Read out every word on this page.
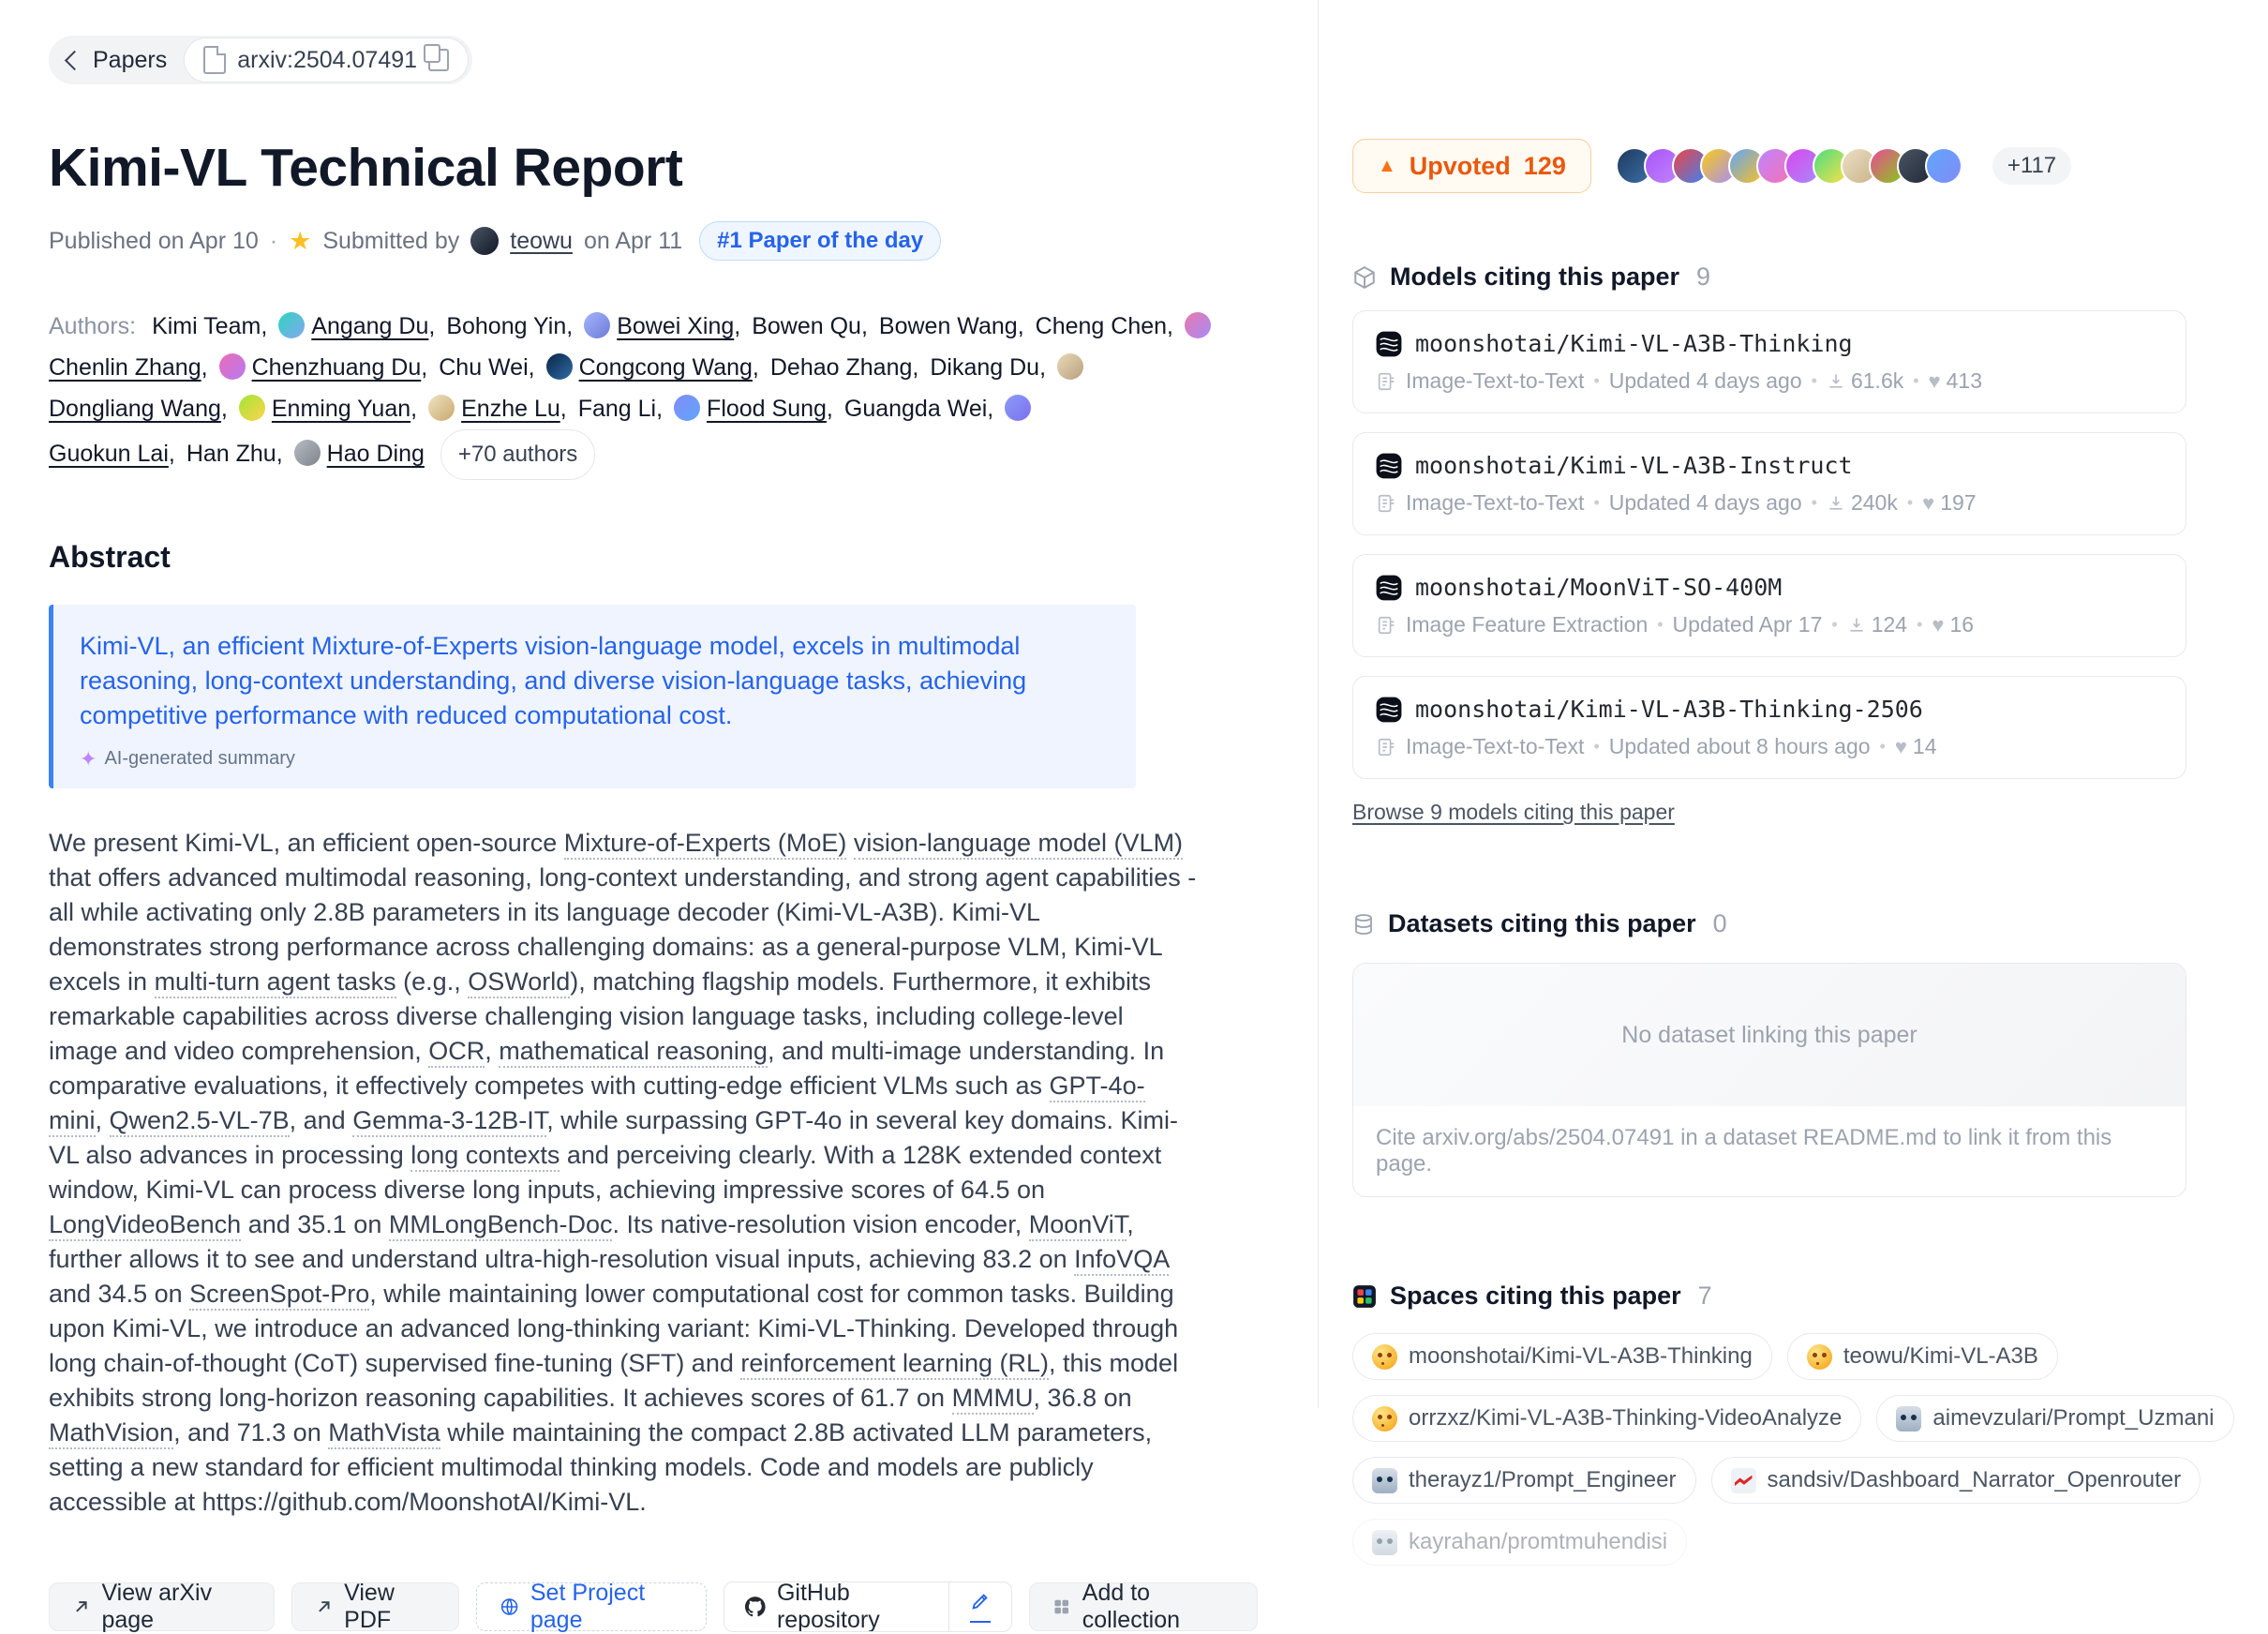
Papers	arxiv:2504.07491
Kimi-VL Technical Report
Published on Apr 10 · ★ Submitted by teowu on Apr 11	#1 Paper of the day

Authors: Kimi Team, Angang Du, Bohong Yin, Bowei Xing, Bowen Qu, Bowen Wang, Cheng Chen,Chenlin Zhang, Chenzhuang Du, Chu Wei, Congcong Wang, Dehao Zhang, Dikang Du,Dongliang Wang, Enming Yuan, Enzhe Lu, Fang Li, Flood Sung, Guangda Wei,Guokun Lai, Han Zhu, Hao Ding +70 authors

Abstract

Kimi-VL, an efficient Mixture-of-Experts vision-language model, excels in multimodal reasoning, long-context understanding, and diverse vision-language tasks, achieving competitive performance with reduced computational cost.

✦ AI-generated summary

We present Kimi-VL, an efficient open-source Mixture-of-Experts (MoE) vision-language model (VLM) that offers advanced multimodal reasoning, long-context understanding, and strong agent capabilities - all while activating only 2.8B parameters in its language decoder (Kimi-VL-A3B). Kimi-VL demonstrates strong performance across challenging domains: as a general-purpose VLM, Kimi-VL excels in multi-turn agent tasks (e.g., OSWorld), matching flagship models. Furthermore, it exhibits remarkable capabilities across diverse challenging vision language tasks, including college-level image and video comprehension, OCR, mathematical reasoning, and multi-image understanding. In comparative evaluations, it effectively competes with cutting-edge efficient VLMs such as GPT-4o-mini, Qwen2.5-VL-7B, and Gemma-3-12B-IT, while surpassing GPT-4o in several key domains. Kimi-VL also advances in processing long contexts and perceiving clearly. With a 128K extended context window, Kimi-VL can process diverse long inputs, achieving impressive scores of 64.5 on LongVideoBench and 35.1 on MMLongBench-Doc. Its native-resolution vision encoder, MoonViT, further allows it to see and understand ultra-high-resolution visual inputs, achieving 83.2 on InfoVQA and 34.5 on ScreenSpot-Pro, while maintaining lower computational cost for common tasks. Building upon Kimi-VL, we introduce an advanced long-thinking variant: Kimi-VL-Thinking. Developed through long chain-of-thought (CoT) supervised fine-tuning (SFT) and reinforcement learning (RL), this model exhibits strong long-horizon reasoning capabilities. It achieves scores of 61.7 on MMMU, 36.8 on MathVision, and 71.3 on MathVista while maintaining the compact 2.8B activated LLM parameters, setting a new standard for efficient multimodal thinking models. Code and models are publicly accessible at https://github.com/MoonshotAI/Kimi-VL.

View arXiv page
View PDF
Set Project page
GitHub repository
Add to collection
▲ Upvoted 129	+117
Models citing this paper 9
moonshotai/Kimi-VL-A3B-Thinking
Image-Text-to-Text • Updated 4 days ago • 61.6k • ♥ 413
moonshotai/Kimi-VL-A3B-Instruct
Image-Text-to-Text • Updated 4 days ago • 240k • ♥ 197
moonshotai/MoonViT-SO-400M
Image Feature Extraction • Updated Apr 17 • 124 • ♥ 16
moonshotai/Kimi-VL-A3B-Thinking-2506
Image-Text-to-Text • Updated about 8 hours ago • ♥ 14
Browse 9 models citing this paper
Datasets citing this paper 0
No dataset linking this paper
Cite arxiv.org/abs/2504.07491 in a dataset README.md to link it from this page.
Spaces citing this paper 7
moonshotai/Kimi-VL-A3B-Thinking	teowu/Kimi-VL-A3B
orrzxz/Kimi-VL-A3B-Thinking-VideoAnalyze	aimevzulari/Prompt_Uzmani
therayz1/Prompt_Engineer	sandsiv/Dashboard_Narrator_Openrouter
kayrahan/promtmuhendisi
